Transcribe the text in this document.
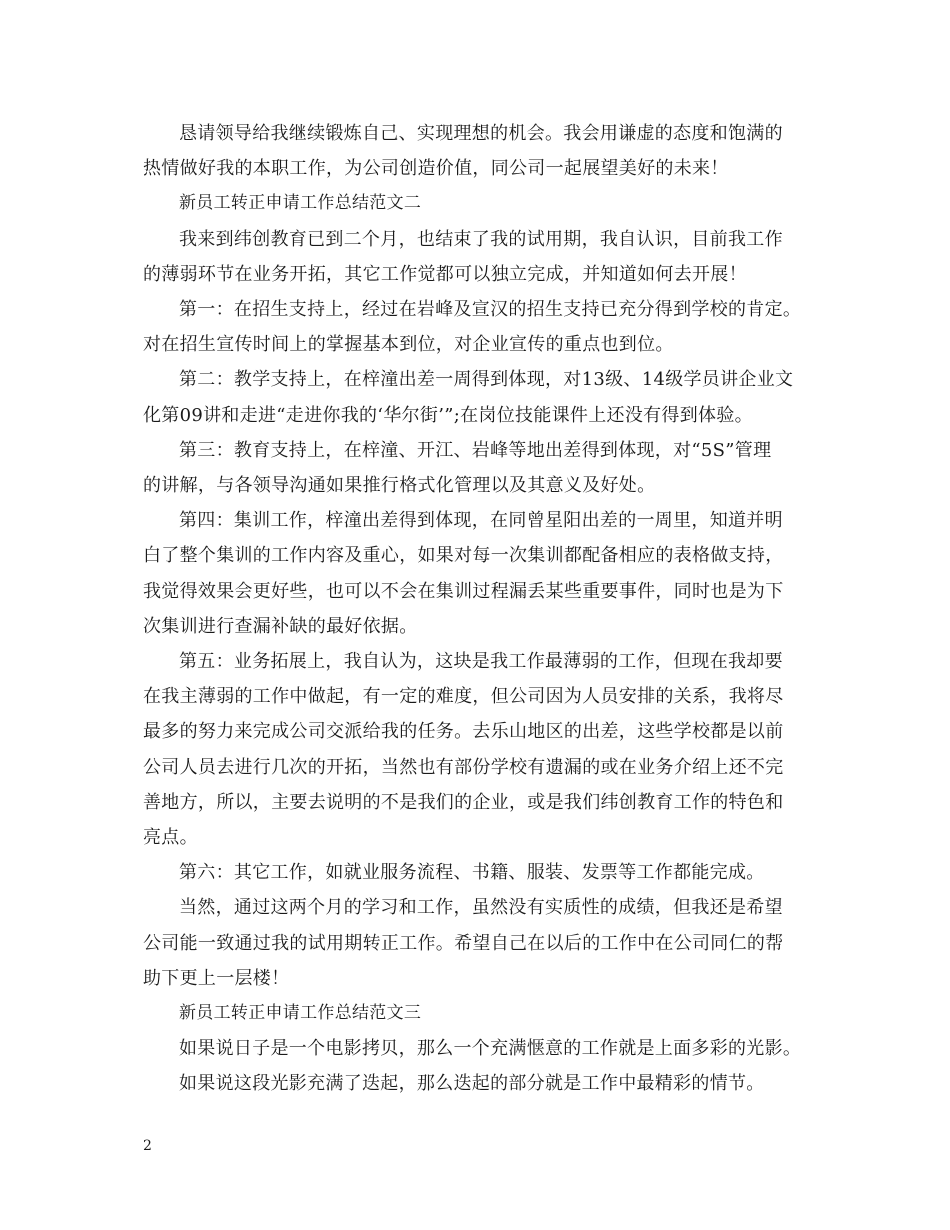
恳请领导给我继续锻炼自己、实现理想的机会。我会用谦虚的态度和饱满的
热情做好我的本职工作，为公司创造价值，同公司一起展望美好的未来！

新员工转正申请工作总结范文二

我来到纬创教育已到二个月，也结束了我的试用期，我自认识，目前我工作
的薄弱环节在业务开拓，其它工作觉都可以独立完成，并知道如何去开展！

第一：在招生支持上，经过在岩峰及宣汉的招生支持已充分得到学校的肯定。
对在招生宣传时间上的掌握基本到位，对企业宣传的重点也到位。

第二：教学支持上，在梓潼出差一周得到体现，对13级、14级学员讲企业文
化第09讲和走进“走进你我的‘华尔街’”;在岗位技能课件上还没有得到体验。

第三：教育支持上，在梓潼、开江、岩峰等地出差得到体现，对“5S”管理
的讲解，与各领导沟通如果推行格式化管理以及其意义及好处。

第四：集训工作，梓潼出差得到体现，在同曾星阳出差的一周里，知道并明
白了整个集训的工作内容及重心，如果对每一次集训都配备相应的表格做支持，
我觉得效果会更好些，也可以不会在集训过程漏丢某些重要事件，同时也是为下
次集训进行查漏补缺的最好依据。

第五：业务拓展上，我自认为，这块是我工作最薄弱的工作，但现在我却要
在我主薄弱的工作中做起，有一定的难度，但公司因为人员安排的关系，我将尽
最多的努力来完成公司交派给我的任务。去乐山地区的出差，这些学校都是以前
公司人员去进行几次的开拓，当然也有部份学校有遗漏的或在业务介绍上还不完
善地方，所以，主要去说明的不是我们的企业，或是我们纬创教育工作的特色和
亮点。

第六：其它工作，如就业服务流程、书籍、服装、发票等工作都能完成。

当然，通过这两个月的学习和工作，虽然没有实质性的成绩，但我还是希望
公司能一致通过我的试用期转正工作。希望自己在以后的工作中在公司同仁的帮
助下更上一层楼！

新员工转正申请工作总结范文三

如果说日子是一个电影拷贝，那么一个充满惬意的工作就是上面多彩的光影。

如果说这段光影充满了迭起，那么迭起的部分就是工作中最精彩的情节。

2
